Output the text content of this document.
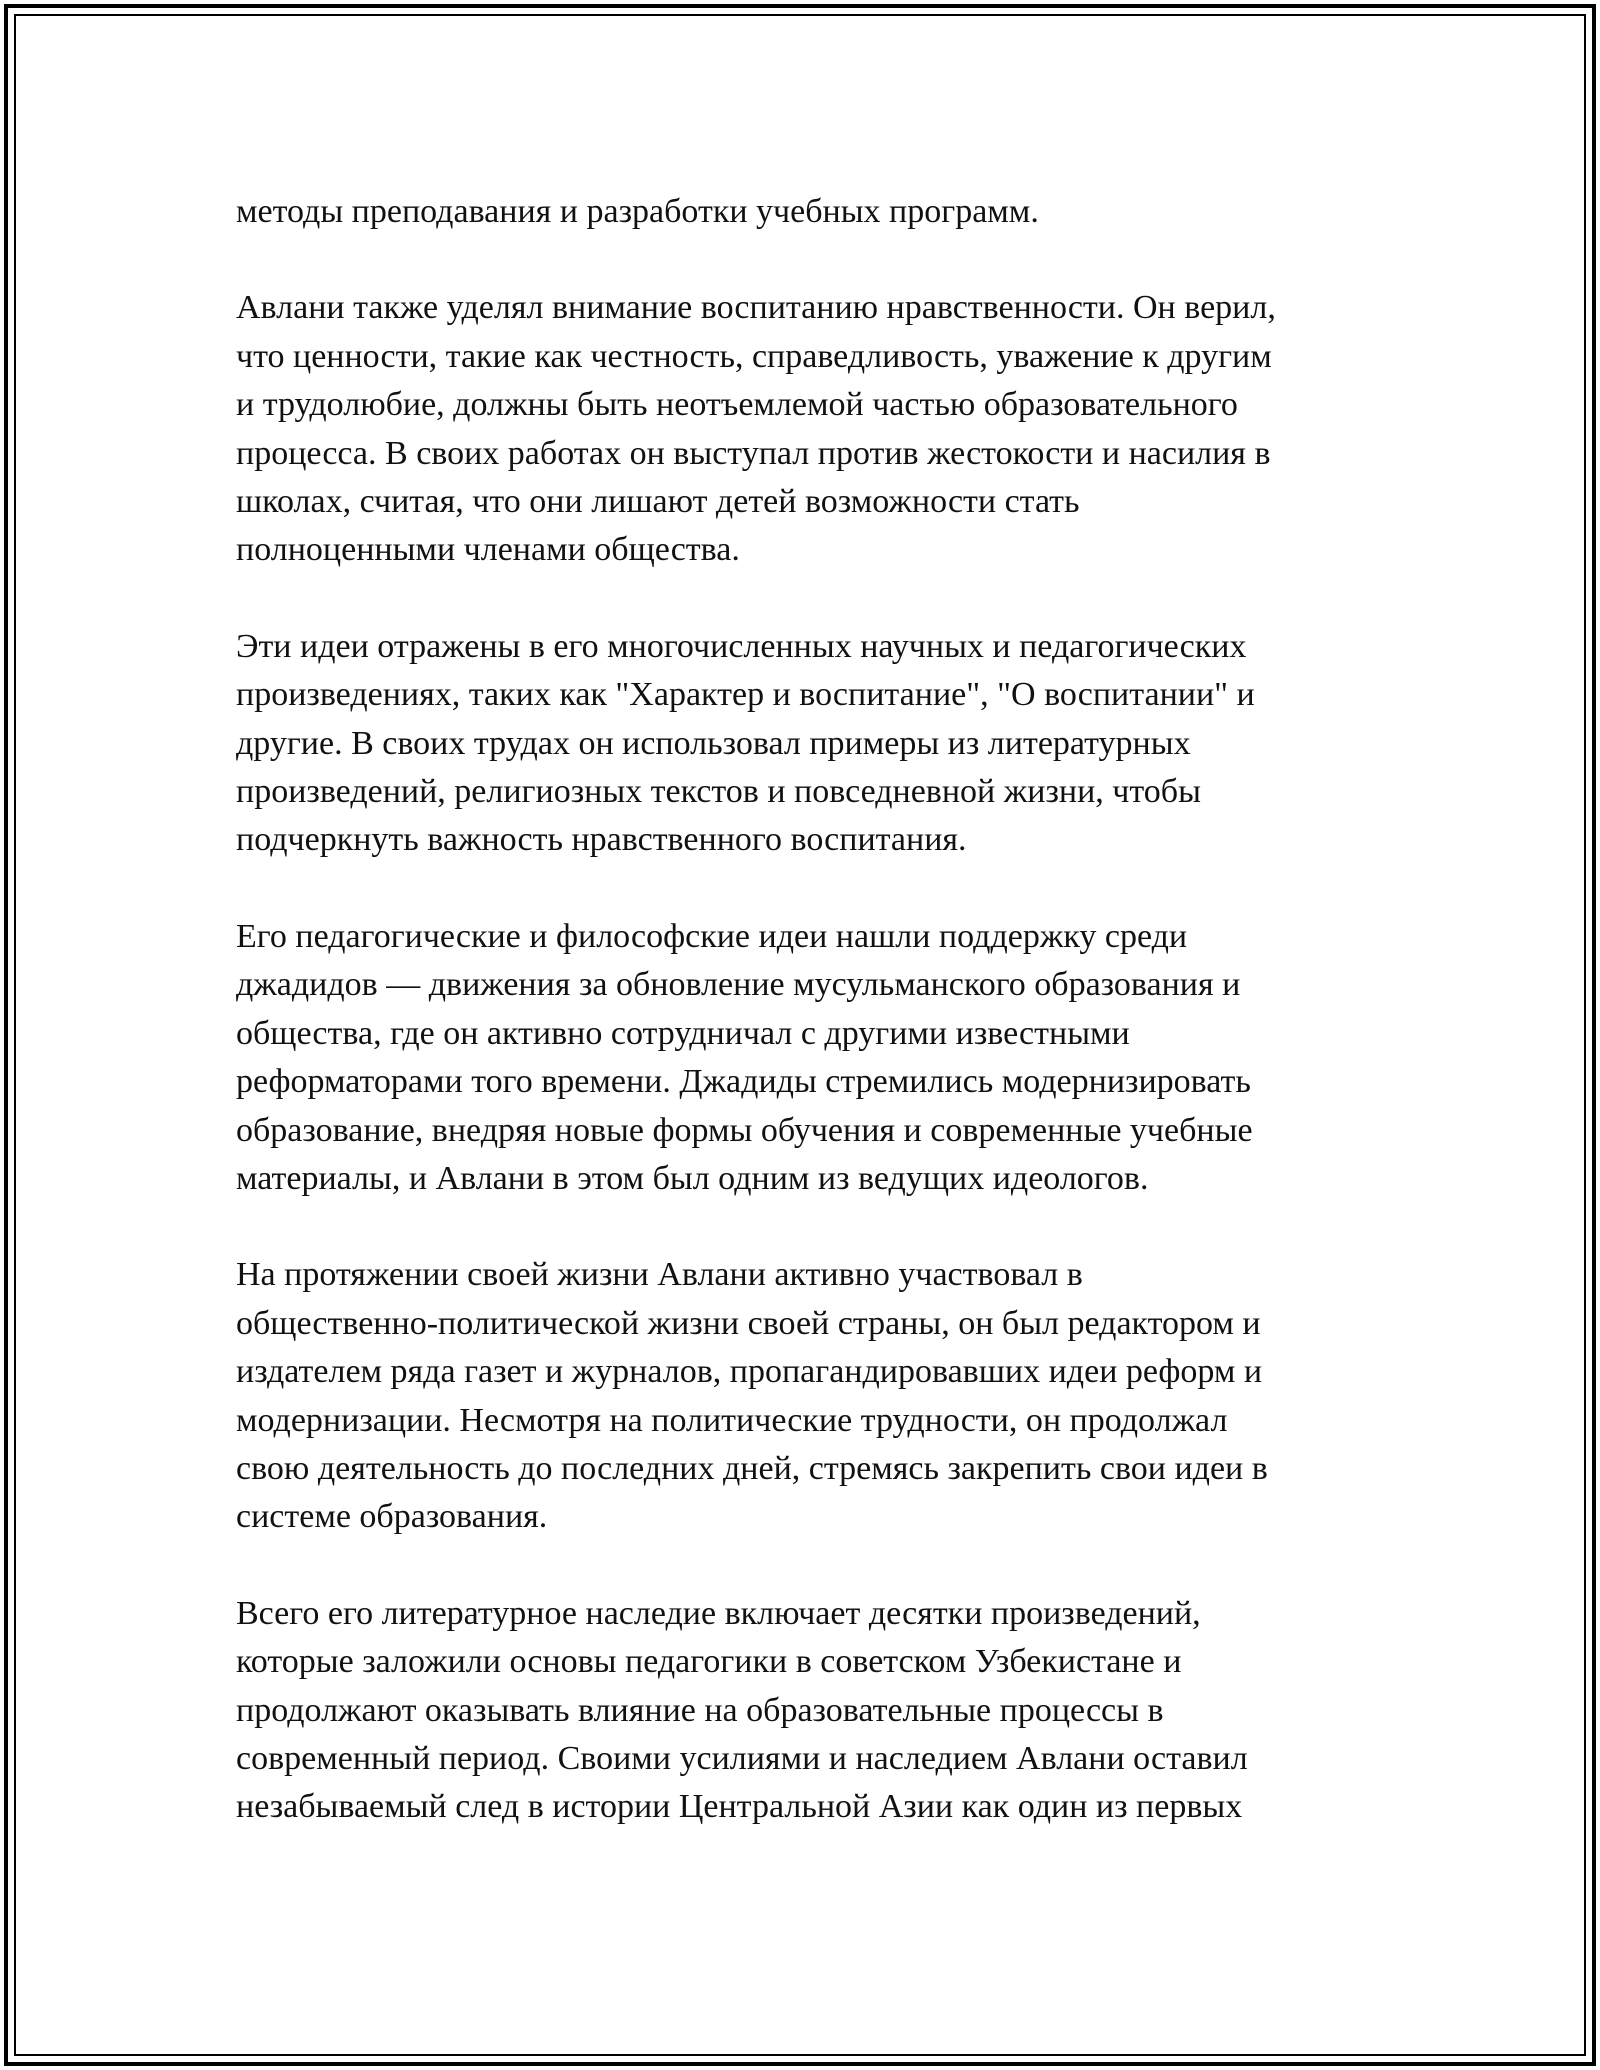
методы преподавания и разработки учебных программ.

Авлани также уделял внимание воспитанию нравственности. Он верил,
что ценности, такие как честность, справедливость, уважение к другим
и трудолюбие, должны быть неотъемлемой частью образовательного
процесса. В своих работах он выступал против жестокости и насилия в
школах, считая, что они лишают детей возможности стать
полноценными членами общества.

Эти идеи отражены в его многочисленных научных и педагогических
произведениях, таких как "Характер и воспитание", "О воспитании" и
другие. В своих трудах он использовал примеры из литературных
произведений, религиозных текстов и повседневной жизни, чтобы
подчеркнуть важность нравственного воспитания.

Его педагогические и философские идеи нашли поддержку среди
джадидов — движения за обновление мусульманского образования и
общества, где он активно сотрудничал с другими известными
реформаторами того времени. Джадиды стремились модернизировать
образование, внедряя новые формы обучения и современные учебные
материалы, и Авлани в этом был одним из ведущих идеологов.

На протяжении своей жизни Авлани активно участвовал в
общественно-политической жизни своей страны, он был редактором и
издателем ряда газет и журналов, пропагандировавших идеи реформ и
модернизации. Несмотря на политические трудности, он продолжал
свою деятельность до последних дней, стремясь закрепить свои идеи в
системе образования.

Всего его литературное наследие включает десятки произведений,
которые заложили основы педагогики в советском Узбекистане и
продолжают оказывать влияние на образовательные процессы в
современный период. Своими усилиями и наследием Авлани оставил
незабываемый след в истории Центральной Азии как один из первых
